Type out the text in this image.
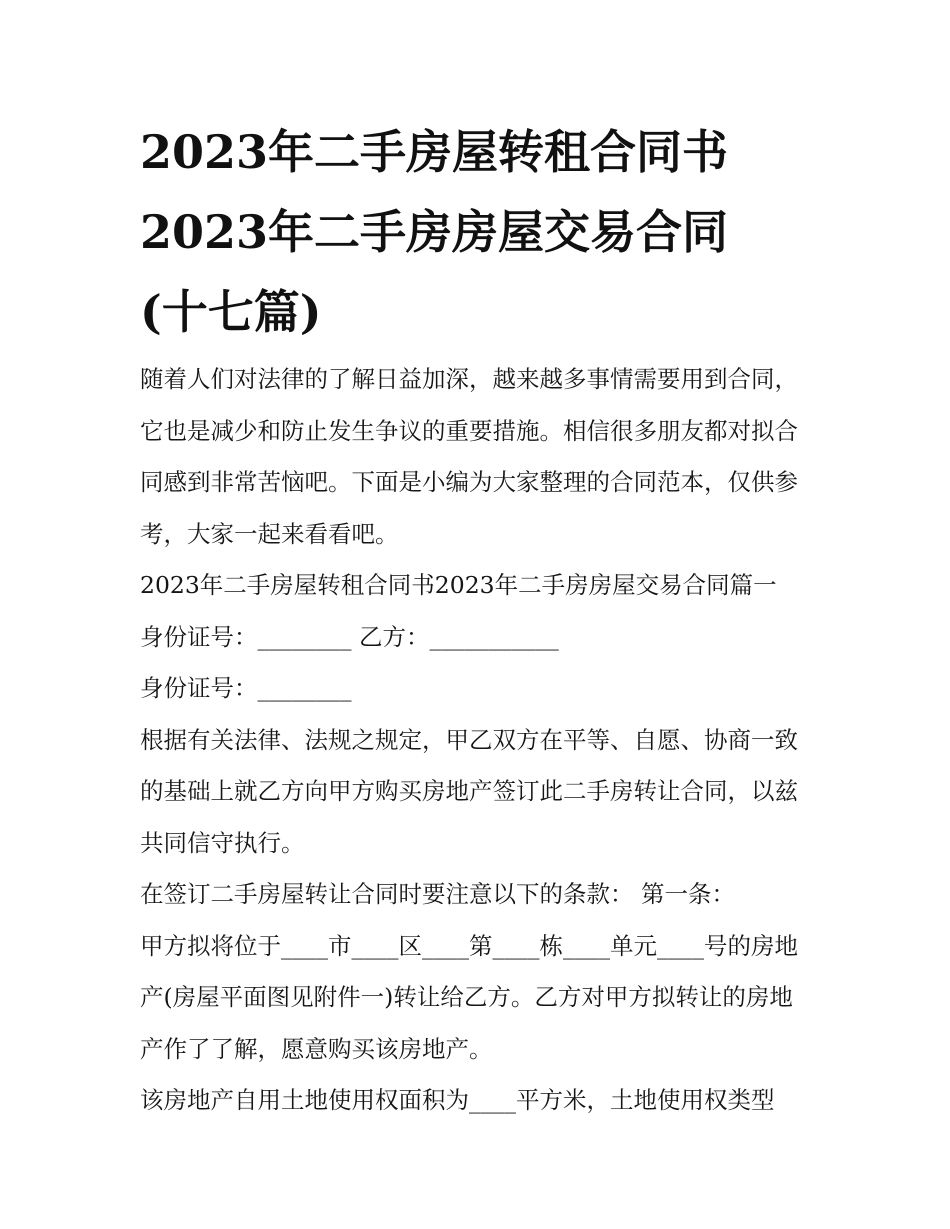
2023年二手房屋转租合同书
2023年二手房房屋交易合同
(十七篇)

随着人们对法律的了解日益加深，越来越多事情需要用到合同，它也是减少和防止发生争议的重要措施。相信很多朋友都对拟合同感到非常苦恼吧。下面是小编为大家整理的合同范本，仅供参考，大家一起来看看吧。

2023年二手房屋转租合同书2023年二手房房屋交易合同篇一

身份证号：________ 乙方：___________

身份证号：________

根据有关法律、法规之规定，甲乙双方在平等、自愿、协商一致的基础上就乙方向甲方购买房地产签订此二手房转让合同，以兹共同信守执行。

在签订二手房屋转让合同时要注意以下的条款： 第一条：

甲方拟将位于____市____区____第____栋____单元____号的房地产(房屋平面图见附件一)转让给乙方。乙方对甲方拟转让的房地产作了了解，愿意购买该房地产。

该房地产自用土地使用权面积为____平方米，土地使用权类型
